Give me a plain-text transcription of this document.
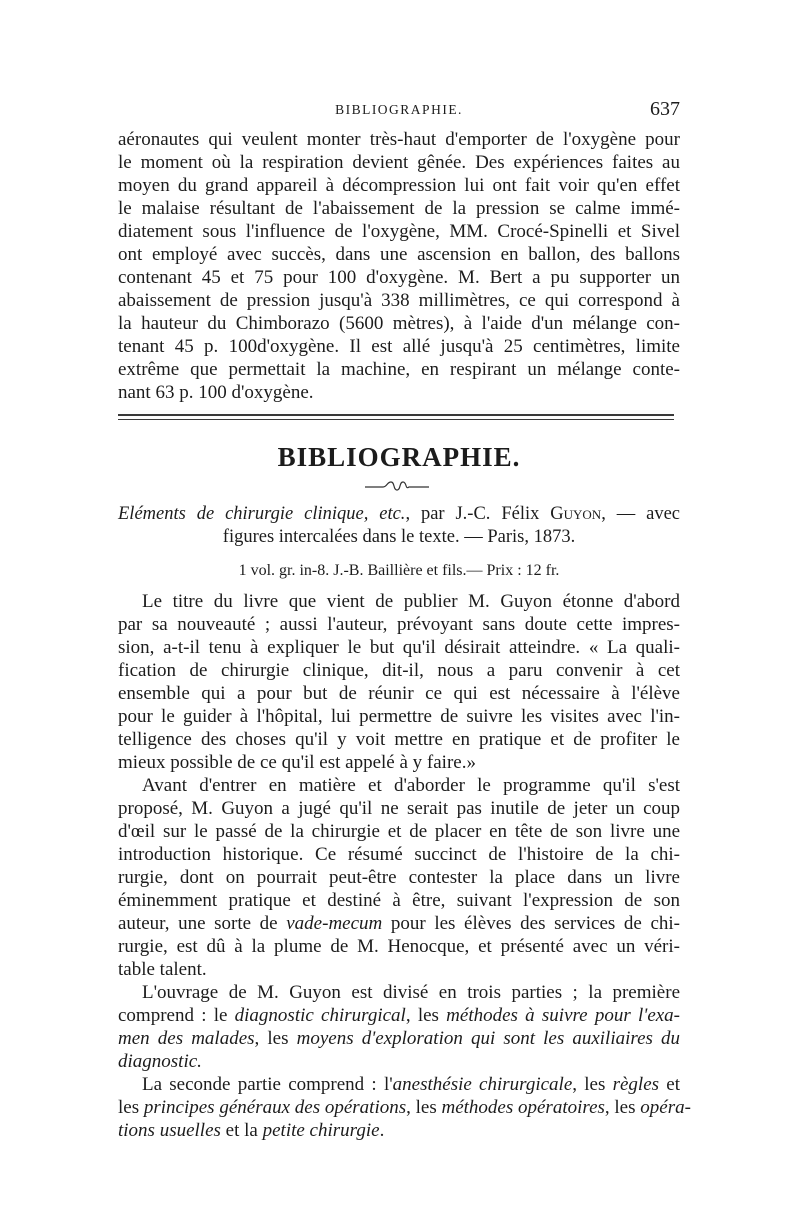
BIBLIOGRAPHIE.	637
aéronautes qui veulent monter très-haut d'emporter de l'oxygène pour
le moment où la respiration devient gênée. Des expériences faites au
moyen du grand appareil à décompression lui ont fait voir qu'en effet
le malaise résultant de l'abaissement de la pression se calme immé-
diatement sous l'influence de l'oxygène, MM. Crocé-Spinelli et Sivel
ont employé avec succès, dans une ascension en ballon, des ballons
contenant 45 et 75 pour 100 d'oxygène. M. Bert a pu supporter un
abaissement de pression jusqu'à 338 millimètres, ce qui correspond à
la hauteur du Chimborazo (5600 mètres), à l'aide d'un mélange con-
tenant 45 p. 100d'oxygène. Il est allé jusqu'à 25 centimètres, limite
extrême que permettait la machine, en respirant un mélange conte-
nant 63 p. 100 d'oxygène.
BIBLIOGRAPHIE.
Eléments de chirurgie clinique, etc., par J.-C. Félix Guyon, — avec
figures intercalées dans le texte. — Paris, 1873.
1 vol. gr. in-8. J.-B. Baillière et fils.— Prix : 12 fr.
Le titre du livre que vient de publier M. Guyon étonne d'abord
par sa nouveauté ; aussi l'auteur, prévoyant sans doute cette impres-
sion, a-t-il tenu à expliquer le but qu'il désirait atteindre. « La quali-
fication de chirurgie clinique, dit-il, nous a paru convenir à cet
ensemble qui a pour but de réunir ce qui est nécessaire à l'élève
pour le guider à l'hôpital, lui permettre de suivre les visites avec l'in-
telligence des choses qu'il y voit mettre en pratique et de profiter le
mieux possible de ce qu'il est appelé à y faire.»
Avant d'entrer en matière et d'aborder le programme qu'il s'est
proposé, M. Guyon a jugé qu'il ne serait pas inutile de jeter un coup
d'œil sur le passé de la chirurgie et de placer en tête de son livre une
introduction historique. Ce résumé succinct de l'histoire de la chi-
rurgie, dont on pourrait peut-être contester la place dans un livre
éminemment pratique et destiné à être, suivant l'expression de son
auteur, une sorte de vade-mecum pour les élèves des services de chi-
rurgie, est dû à la plume de M. Henocque, et présenté avec un véri-
table talent.
L'ouvrage de M. Guyon est divisé en trois parties ; la première
comprend : le diagnostic chirurgical, les méthodes à suivre pour l'exa-
men des malades, les moyens d'exploration qui sont les auxiliaires du
diagnostic.
La seconde partie comprend : l'anesthésie chirurgicale, les règles et
les principes généraux des opérations, les méthodes opératoires, les opéra-
tions usuelles et la petite chirurgie.
